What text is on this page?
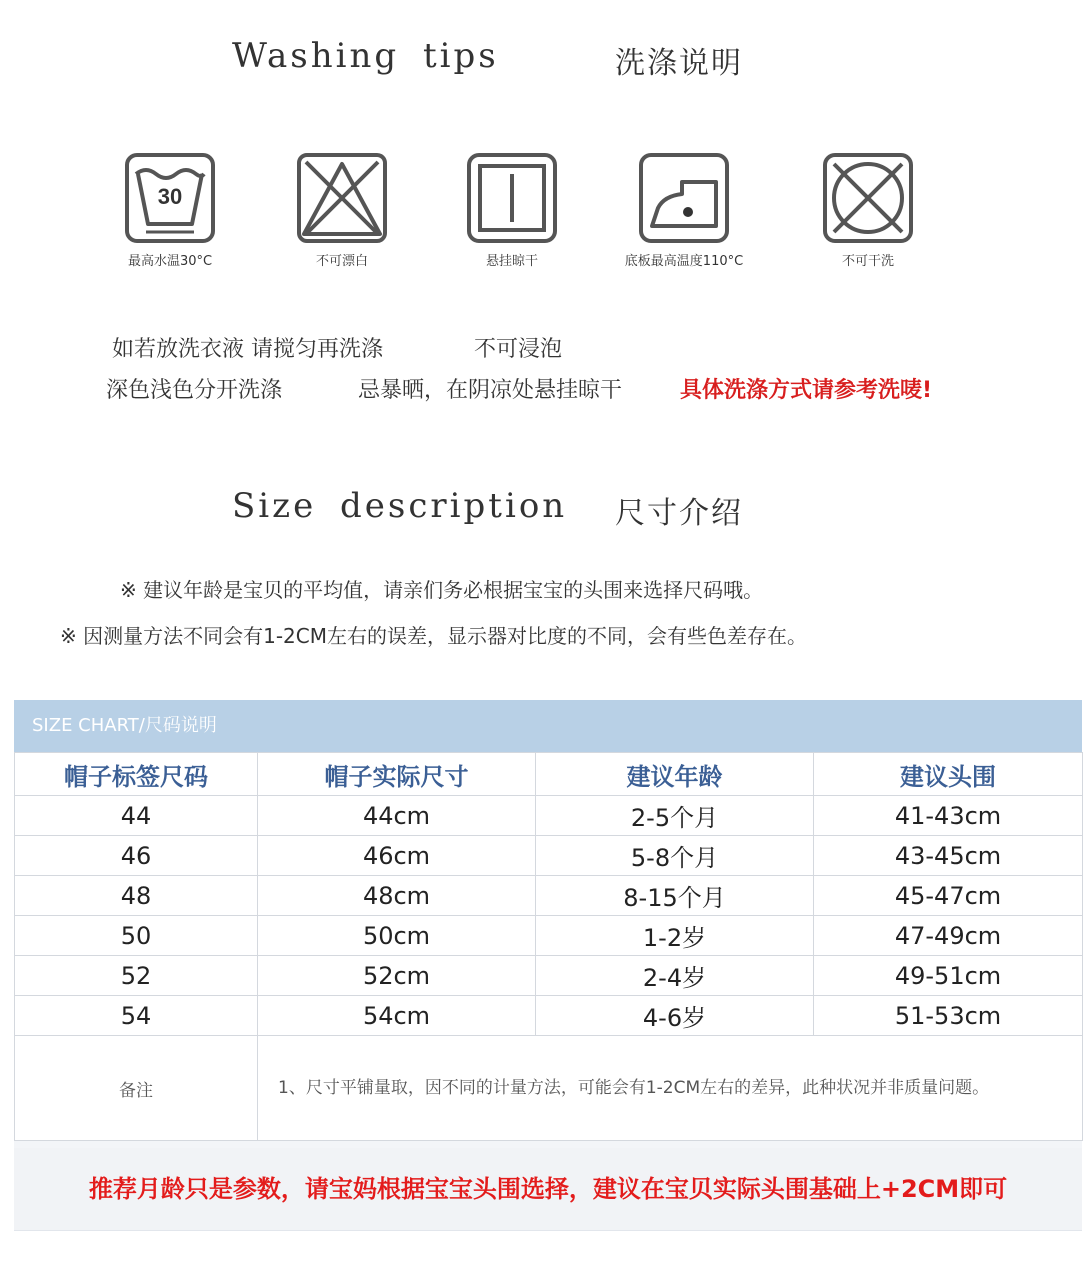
Washing tips	洗涤说明
30
最高水温30°C	不可漂白	悬挂晾干	底板最高温度110°C	不可干洗
如若放洗衣液 请搅匀再洗涤	不可浸泡
深色浅色分开洗涤	忌暴晒，在阴凉处悬挂晾干	具体洗涤方式请参考洗唛!
Size description 尺寸介绍
※ 建议年龄是宝贝的平均值，请亲们务必根据宝宝的头围来选择尺码哦。
※ 因测量方法不同会有1-2CM左右的误差，显示器对比度的不同，会有些色差存在。
SIZE CHART/尺码说明
帽子标签尺码	帽子实际尺寸	建议年龄	建议头围
44	44cm	2-5个月	41-43cm
46	46cm	5-8个月	43-45cm
48	48cm	8-15个月	45-47cm
50	50cm	1-2岁	47-49cm
52	52cm	2-4岁	49-51cm
54	54cm	4-6岁	51-53cm
备注	1、尺寸平铺量取，因不同的计量方法，可能会有1-2CM左右的差异，此种状况并非质量问题。		
推荐月龄只是参数，请宝妈根据宝宝头围选择，建议在宝贝实际头围基础上+2CM即可
